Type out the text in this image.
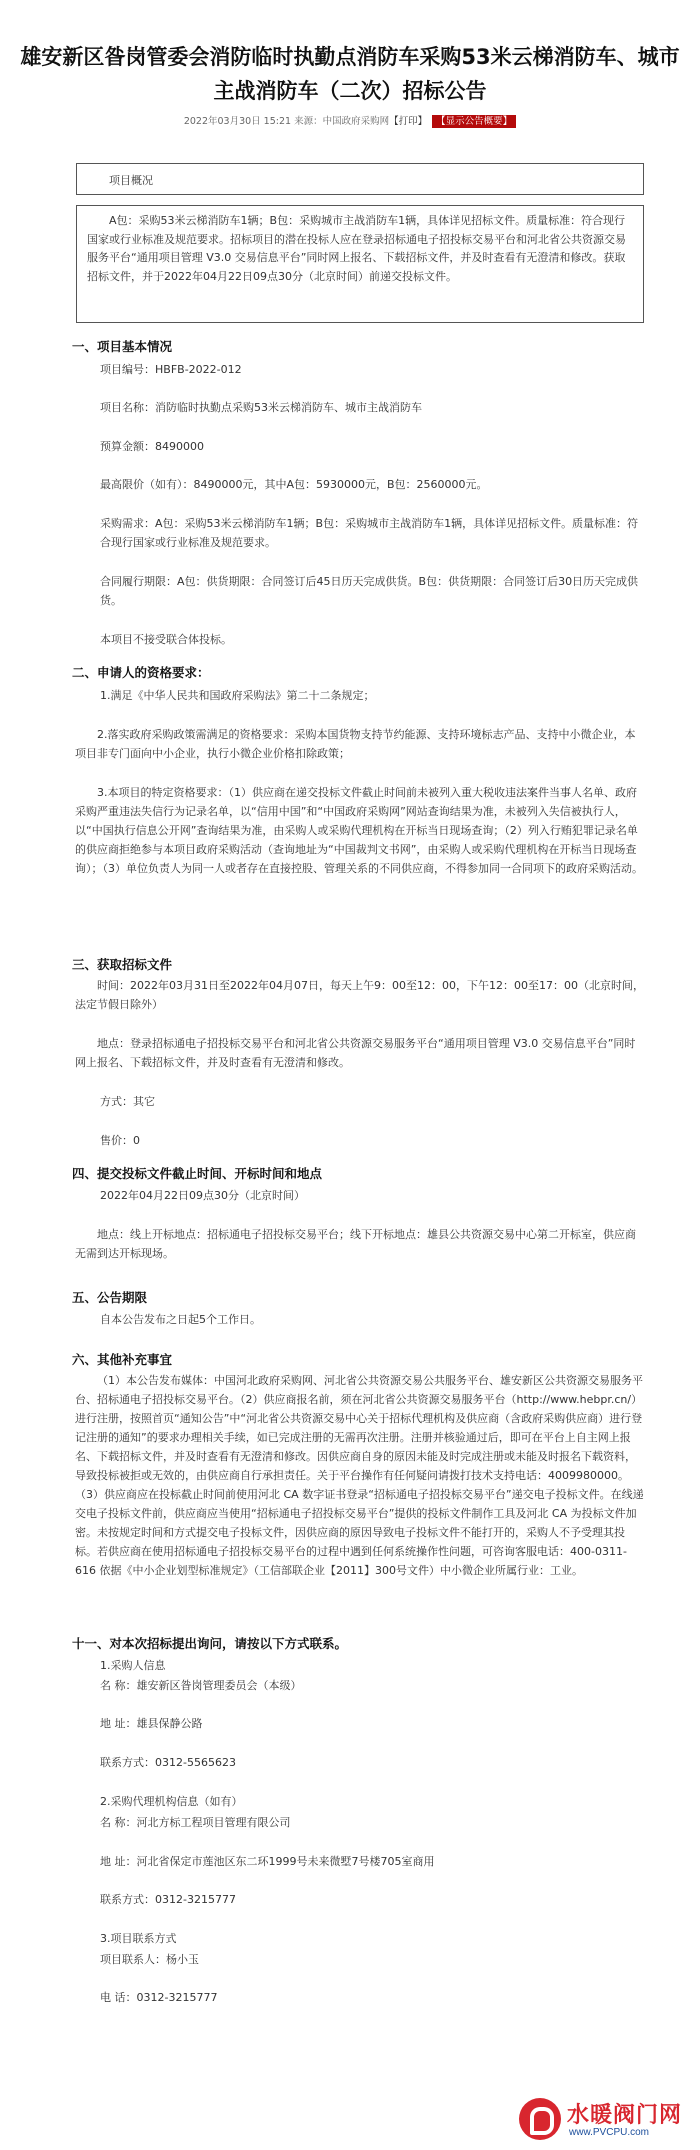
雄安新区昝岗管委会消防临时执勤点消防车采购53米云梯消防车、城市主战消防车（二次）招标公告
2022年03月30日 15:21 来源：中国政府采购网【打印】 【显示公告概要】
项目概况

A包：采购53米云梯消防车1辆；B包：采购城市主战消防车1辆，具体详见招标文件。质量标准：符合现行国家或行业标准及规范要求。招标项目的潜在投标人应在登录招标通电子招投标交易平台和河北省公共资源交易服务平台“通用项目管理 V3.0 交易信息平台”同时网上报名、下载招标文件，并及时查看有无澄清和修改。获取招标文件，并于2022年04月22日09点30分（北京时间）前递交投标文件。

一、项目基本情况

项目编号：HBFB-2022-012

项目名称：消防临时执勤点采购53米云梯消防车、城市主战消防车

预算金额：8490000

最高限价（如有）：8490000元，其中A包：5930000元，B包：2560000元。

采购需求：A包：采购53米云梯消防车1辆；B包：采购城市主战消防车1辆，具体详见招标文件。质量标准：符合现行国家或行业标准及规范要求。

合同履行期限：A包：供货期限：合同签订后45日历天完成供货。B包：供货期限：合同签订后30日历天完成供货。

本项目不接受联合体投标。

二、申请人的资格要求：

1.满足《中华人民共和国政府采购法》第二十二条规定；

2.落实政府采购政策需满足的资格要求：采购本国货物支持节约能源、支持环境标志产品、支持中小微企业，本项目非专门面向中小企业，执行小微企业价格扣除政策；

3.本项目的特定资格要求：（1）供应商在递交投标文件截止时间前未被列入重大税收违法案件当事人名单、政府采购严重违法失信行为记录名单，以“信用中国”和“中国政府采购网”网站查询结果为准，未被列入失信被执行人，以“中国执行信息公开网”查询结果为准，由采购人或采购代理机构在开标当日现场查询；（2）列入行贿犯罪记录名单的供应商拒绝参与本项目政府采购活动（查询地址为“中国裁判文书网”，由采购人或采购代理机构在开标当日现场查询）；（3）单位负责人为同一人或者存在直接控股、管理关系的不同供应商，不得参加同一合同项下的政府采购活动。

三、获取招标文件

时间：2022年03月31日至2022年04月07日，每天上午9：00至12：00，下午12：00至17：00（北京时间，法定节假日除外）

地点：登录招标通电子招投标交易平台和河北省公共资源交易服务平台“通用项目管理 V3.0 交易信息平台”同时网上报名、下载招标文件，并及时查看有无澄清和修改。

方式：其它

售价：0

四、提交投标文件截止时间、开标时间和地点

2022年04月22日09点30分（北京时间）

地点：线上开标地点：招标通电子招投标交易平台；线下开标地点：雄县公共资源交易中心第二开标室，供应商无需到达开标现场。

五、公告期限

自本公告发布之日起5个工作日。

六、其他补充事宜

（1）本公告发布媒体：中国河北政府采购网、河北省公共资源交易公共服务平台、雄安新区公共资源交易服务平台、招标通电子招投标交易平台。（2）供应商报名前，须在河北省公共资源交易服务平台（http://www.hebpr.cn/）进行注册，按照首页“通知公告”中“河北省公共资源交易中心关于招标代理机构及供应商（含政府采购供应商）进行登记注册的通知”的要求办理相关手续，如已完成注册的无需再次注册。注册并核验通过后，即可在平台上自主网上报名、下载招标文件，并及时查看有无澄清和修改。因供应商自身的原因未能及时完成注册或未能及时报名下载资料，导致投标被拒或无效的，由供应商自行承担责任。关于平台操作有任何疑问请拨打技术支持电话：4009980000。（3）供应商应在投标截止时间前使用河北 CA 数字证书登录“招标通电子招投标交易平台”递交电子投标文件。在线递交电子投标文件前，供应商应当使用“招标通电子招投标交易平台”提供的投标文件制作工具及河北 CA 为投标文件加密。未按规定时间和方式提交电子投标文件，因供应商的原因导致电子投标文件不能打开的，采购人不予受理其投标。若供应商在使用招标通电子招投标交易平台的过程中遇到任何系统操作性问题，可咨询客服电话：400-0311-616 依据《中小企业划型标准规定》（工信部联企业【2011】300号文件）中小微企业所属行业：工业。

十一、对本次招标提出询问，请按以下方式联系。

1.采购人信息

名 称：雄安新区昝岗管理委员会（本级）

地 址：雄县保静公路

联系方式：0312-5565623

2.采购代理机构信息（如有）

名 称：河北方标工程项目管理有限公司

地 址：河北省保定市莲池区东二环1999号未来微墅7号楼705室商用

联系方式：0312-3215777

3.项目联系方式

项目联系人：杨小玉

电 话：0312-3215777

水暖阀门网
www.PVCPU.com
